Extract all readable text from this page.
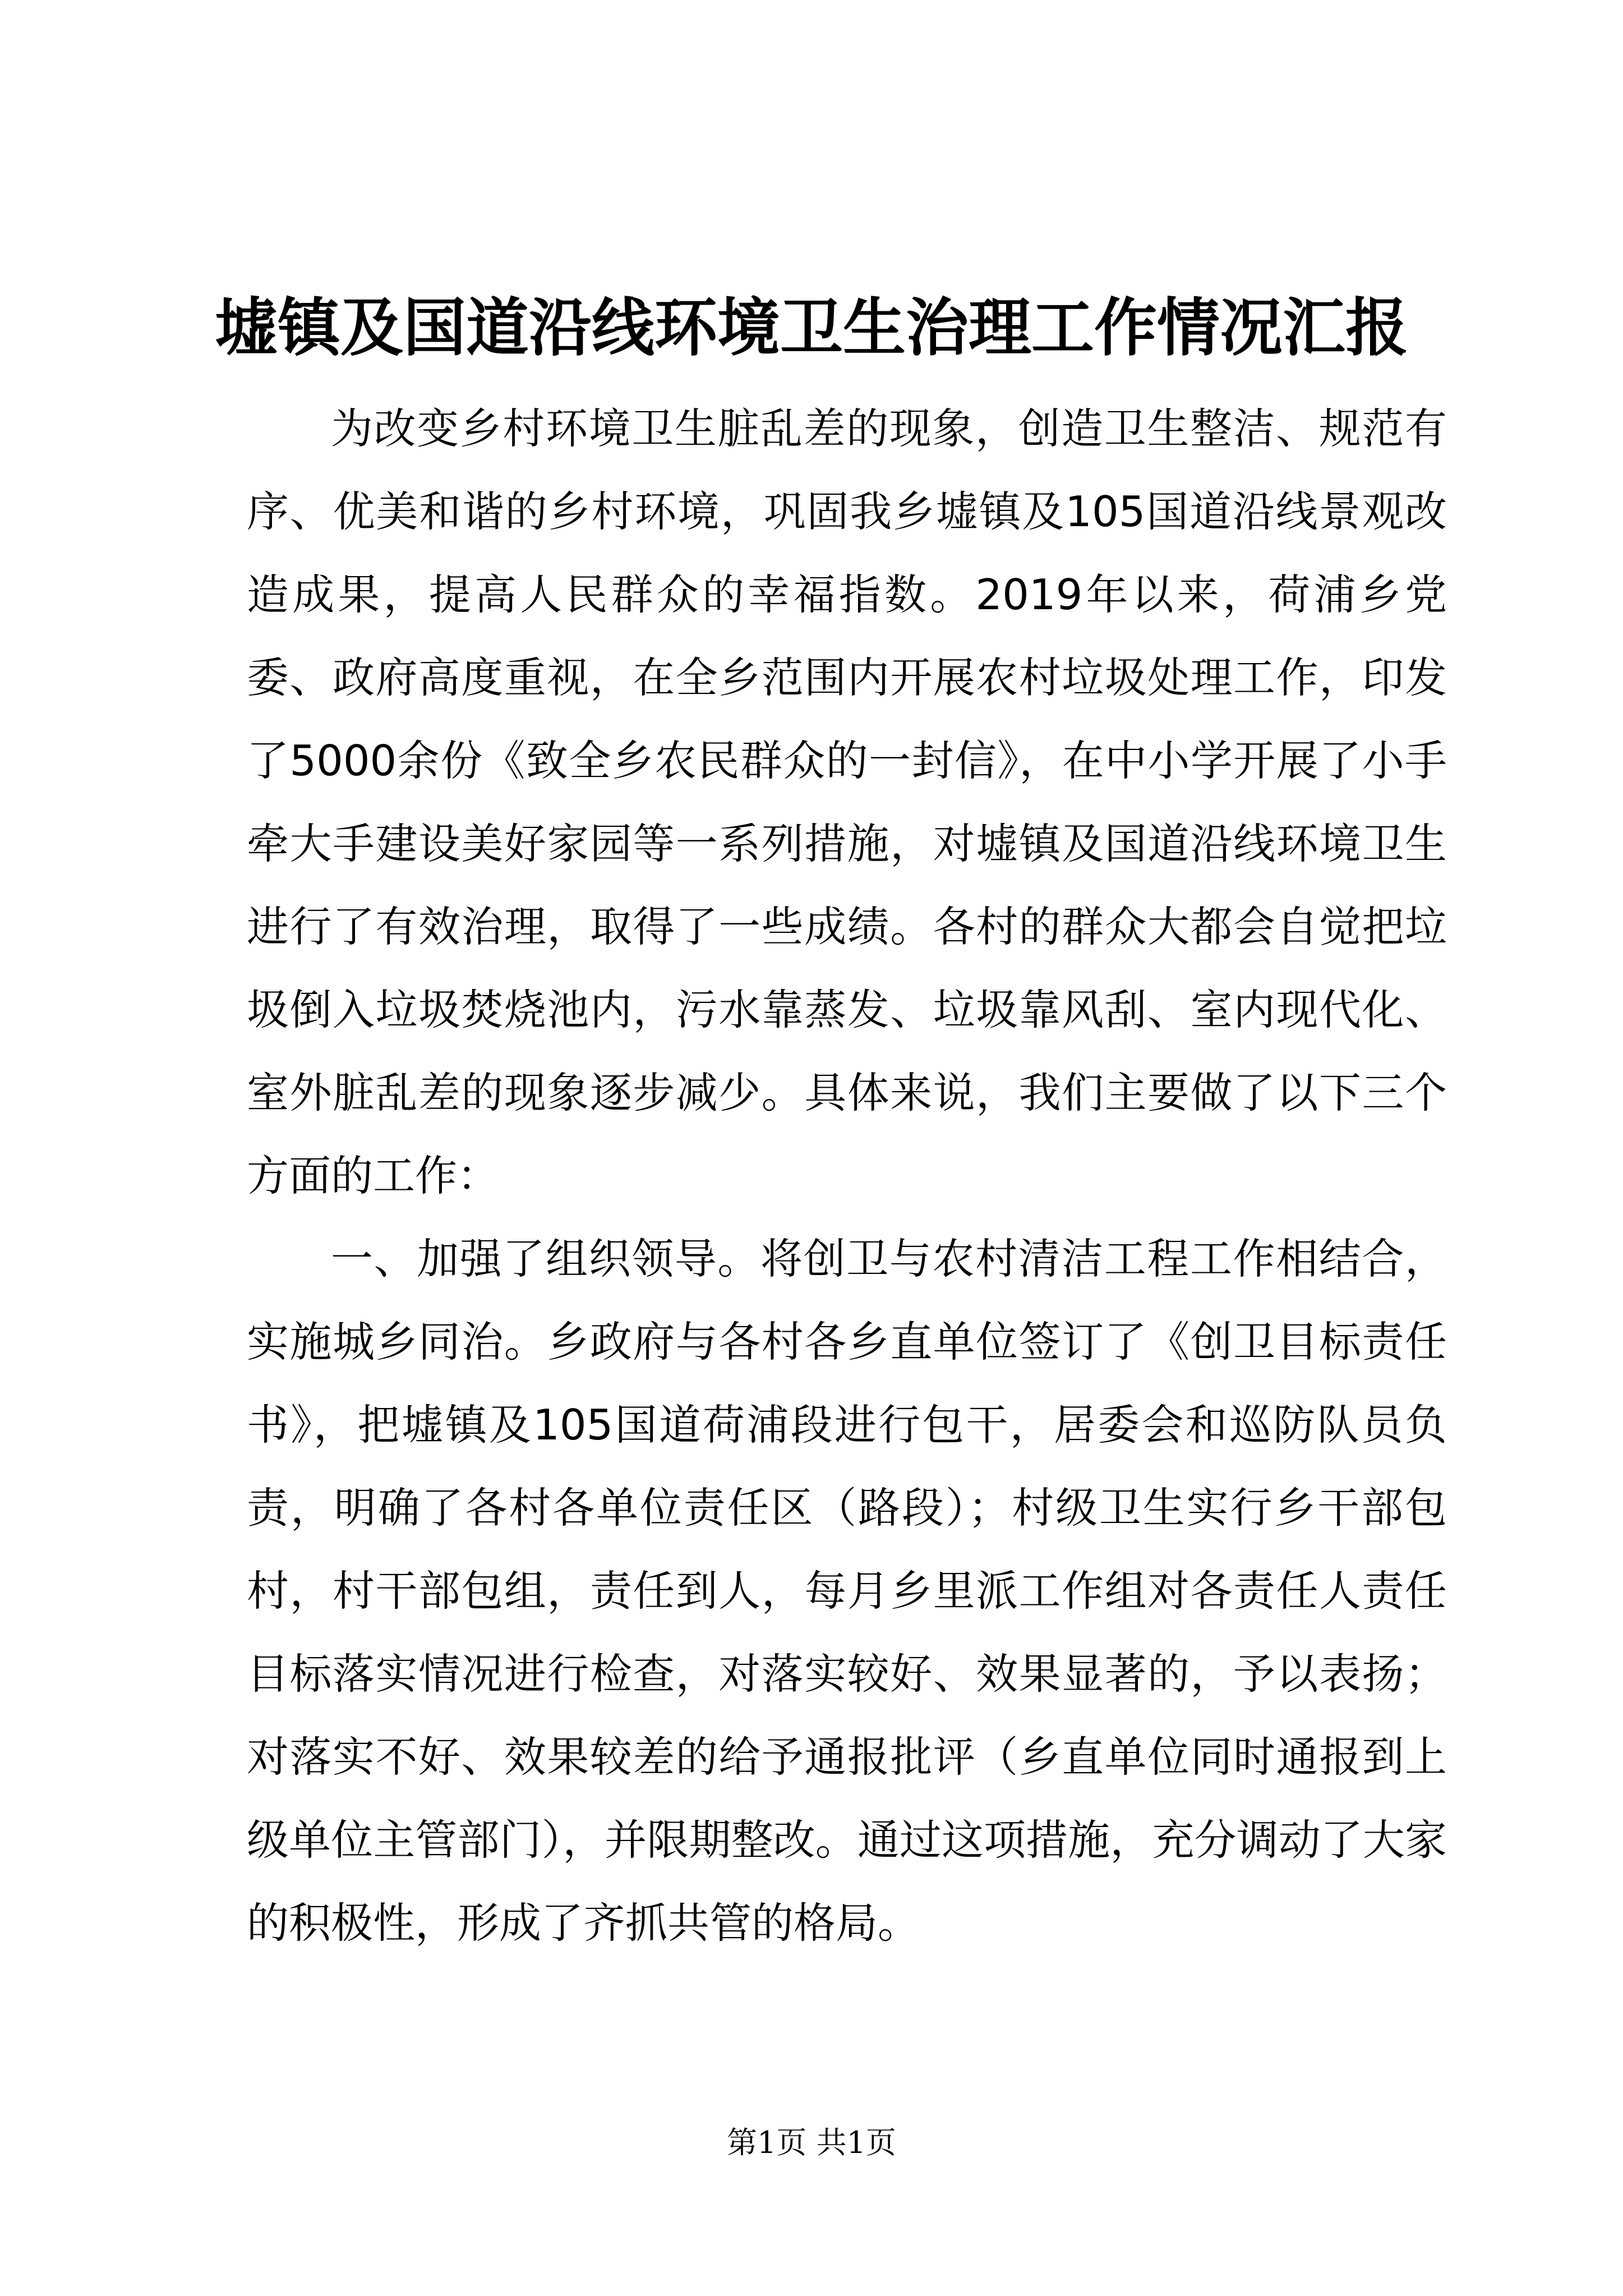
墟镇及国道沿线环境卫生治理工作情况汇报

为改变乡村环境卫生脏乱差的现象，创造卫生整洁、规范有序、优美和谐的乡村环境，巩固我乡墟镇及105国道沿线景观改造成果，提高人民群众的幸福指数。2019年以来，荷浦乡党委、政府高度重视，在全乡范围内开展农村垃圾处理工作，印发了5000余份《致全乡农民群众的一封信》，在中小学开展了小手牵大手建设美好家园等一系列措施，对墟镇及国道沿线环境卫生进行了有效治理，取得了一些成绩。各村的群众大都会自觉把垃圾倒入垃圾焚烧池内，污水靠蒸发、垃圾靠风刮、室内现代化、室外脏乱差的现象逐步减少。具体来说，我们主要做了以下三个方面的工作：

一、加强了组织领导。将创卫与农村清洁工程工作相结合，实施城乡同治。乡政府与各村各乡直单位签订了《创卫目标责任书》，把墟镇及105国道荷浦段进行包干，居委会和巡防队员负责，明确了各村各单位责任区（路段）；村级卫生实行乡干部包村，村干部包组，责任到人，每月乡里派工作组对各责任人责任目标落实情况进行检查，对落实较好、效果显著的，予以表扬；对落实不好、效果较差的给予通报批评（乡直单位同时通报到上级单位主管部门），并限期整改。通过这项措施，充分调动了大家的积极性，形成了齐抓共管的格局。

第1页 共1页
